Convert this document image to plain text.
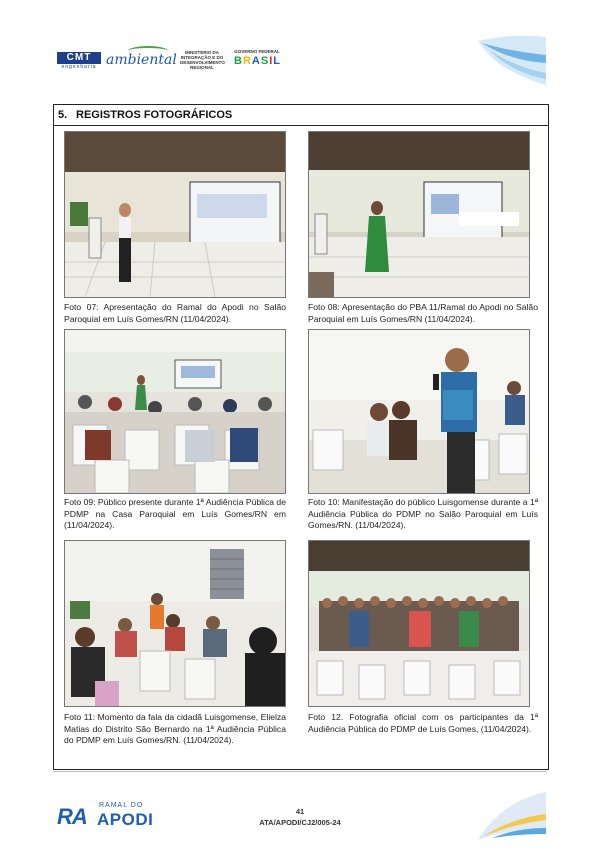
CMT
engenharia ambiental	MINISTÉRIO DA
INTEGRAÇÃO E DO
DESENVOLVIMENTO
REGIONAL
GOVERNO FEDERAL
B R A S I L
5. REGISTROS FOTOGRÁFICOS
Foto 07: Apresentação do Ramal do Apodi no Salão Paroquial em Luís Gomes/RN (11/04/2024).
Foto 08: Apresentação do PBA 11/Ramal do Apodi no Salão Paroquial em Luís Gomes/RN (11/04/2024).
Foto 09: Público presente durante 1ª Audiência Pública de PDMP na Casa Paroquial em Luís Gomes/RN em (11/04/2024).
Foto 10: Manifestação do público Luisgomense durante a 1ª Audiência Pública do PDMP no Salão Paroquial em Luís Gomes/RN. (11/04/2024).
Foto 11: Momento da fala da cidadã Luisgomense, Elielza Matias do Distrito São Bernardo na 1ª Audiência Pública do PDMP em Luís Gomes/RN. (11/04/2024).
Foto 12. Fotografia oficial com os participantes da 1ª Audiência Pública do PDMP de Luís Gomes, (11/04/2024).
RA RAMAL DO
APODI	41
ATA/APODI/CJ2/005-24
